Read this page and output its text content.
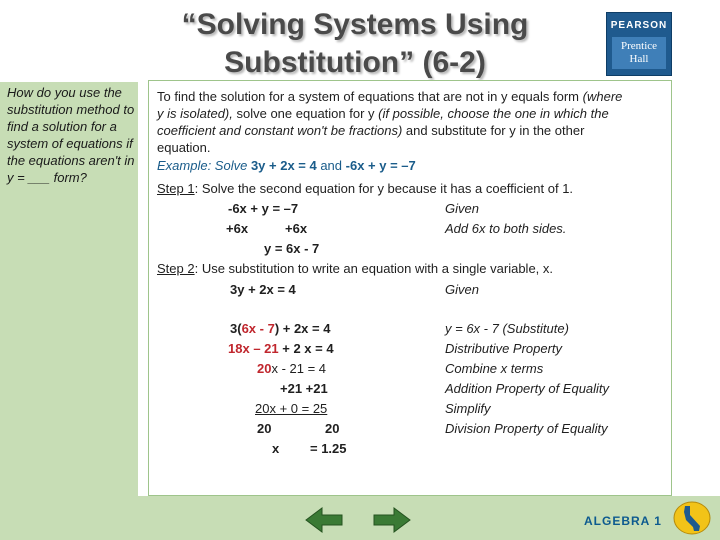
“Solving Systems Using
Substitution” (6-2)
PEARSON
Prentice
Hall
How do you use the substitution method to find a solution for a system of equations if the equations aren't in y = ___ form?
To find the solution for a system of equations that are not in y equals form (where
y is isolated), solve one equation for y (if possible, choose the one in which the
coefficient and constant won't be fractions) and substitute for y in the other
equation.
Example: Solve 3y + 2x = 4 and -6x + y = –7
Step 1: Solve the second equation for y because it has a coefficient of 1.
-6x + y = –7	Given
+6x	+6x	Add 6x to both sides.
y = 6x - 7
Step 2: Use substitution to write an equation with a single variable, x.
3y + 2x = 4	Given
3(6x - 7) + 2x = 4	y = 6x - 7 (Substitute)
18x – 21 + 2 x = 4	Distributive Property
20x - 21 = 4	Combine x terms
+21 +21	Addition Property of Equality
20x + 0 = 25	Simplify
20	20	Division Property of Equality
x = 1.25
ALGEBRA 1
